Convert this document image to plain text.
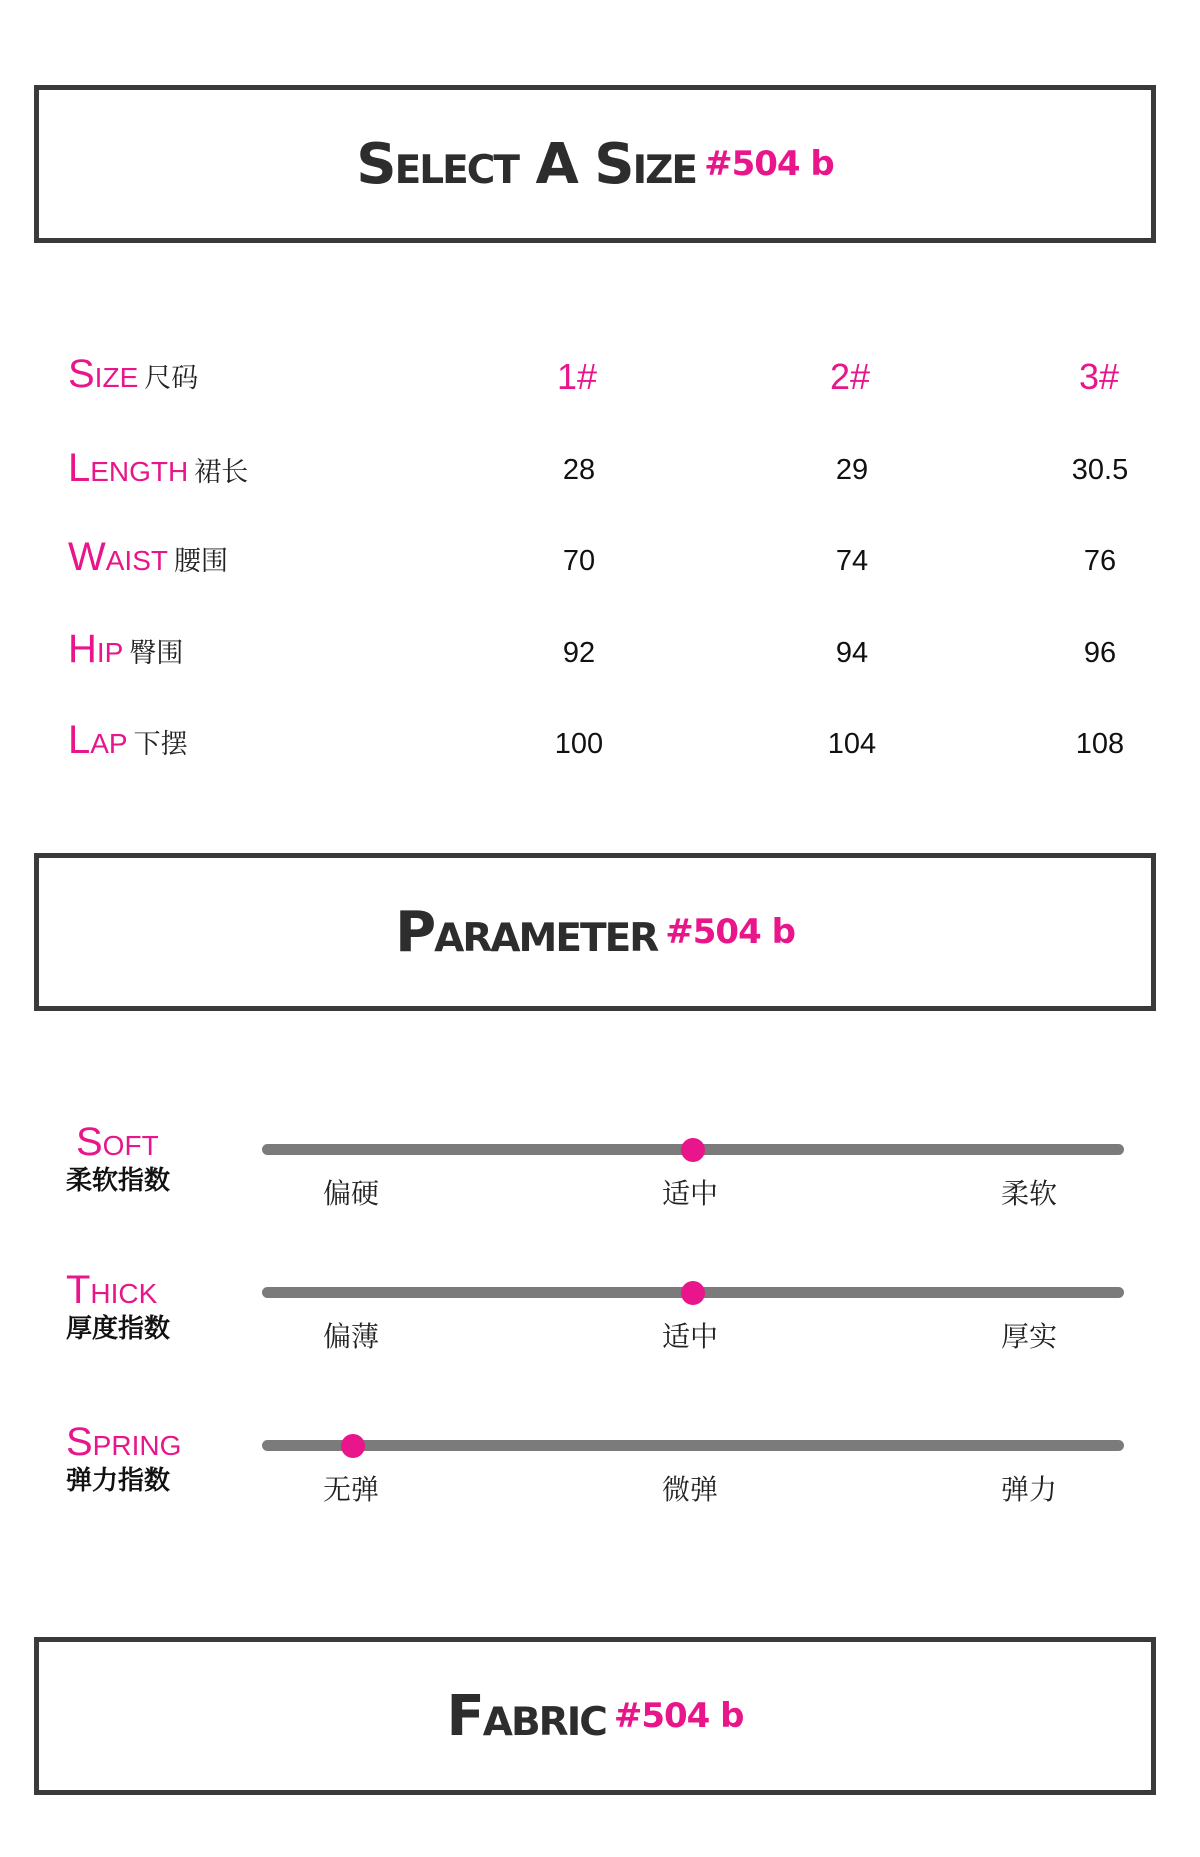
Select A Size #504 b
Size 尺码	1#	2#	3#
Length 裙长	28	29	30.5
Waist 腰围	70	74	76
Hip 臀围	92	94	96
Lap 下摆	100	104	108
Parameter #504 b
Soft
柔软指数	偏硬	适中	柔软
Thick
厚度指数	偏薄	适中	厚实
Spring
弹力指数	无弹	微弹	弹力
Fabric #504 b
